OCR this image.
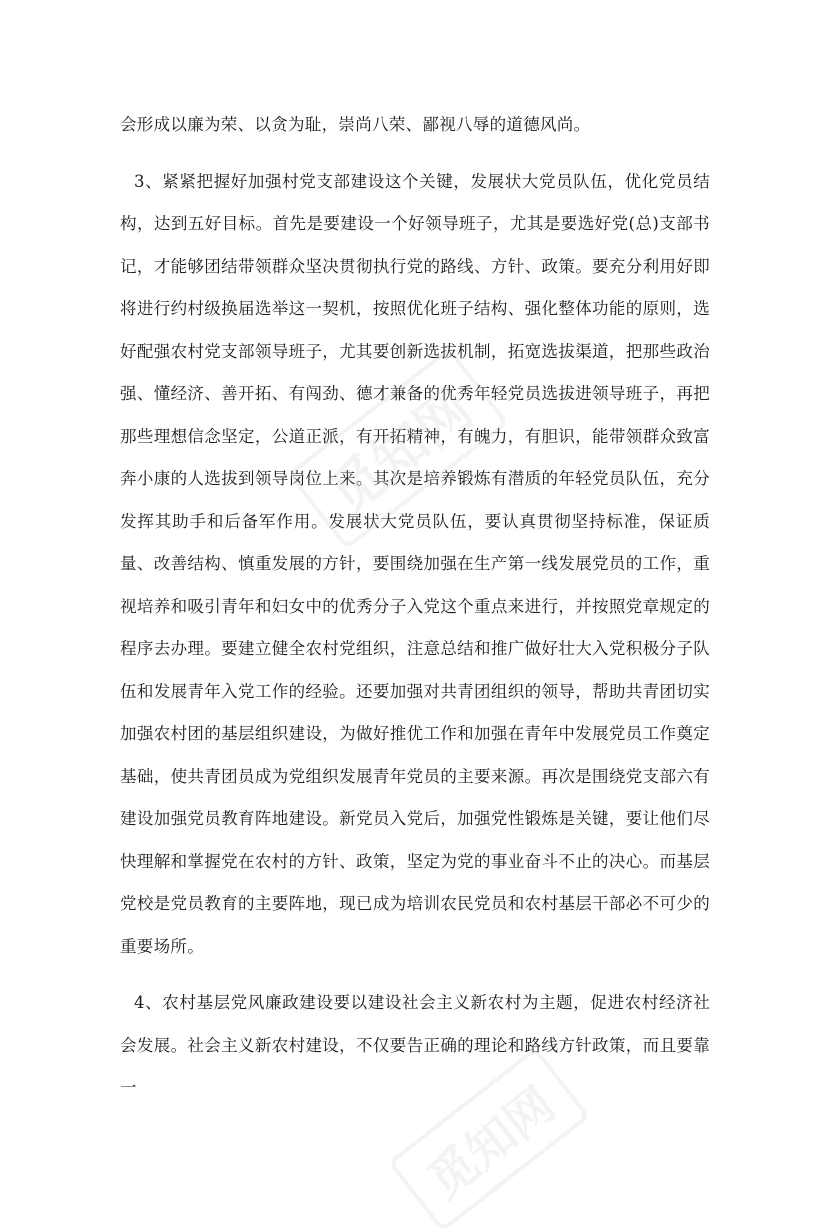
会形成以廉为荣、以贪为耻，崇尚八荣、鄙视八辱的道德风尚。

3、紧紧把握好加强村党支部建设这个关键，发展状大党员队伍，优化党员结构，达到五好目标。首先是要建设一个好领导班子，尤其是要选好党(总)支部书记，才能够团结带领群众坚决贯彻执行党的路线、方针、政策。要充分利用好即将进行约村级换届选举这一契机，按照优化班子结构、强化整体功能的原则，选好配强农村党支部领导班子，尤其要创新选拔机制，拓宽选拔渠道，把那些政治强、懂经济、善开拓、有闯劲、德才兼备的优秀年轻党员选拔进领导班子，再把那些理想信念坚定，公道正派，有开拓精神，有魄力，有胆识，能带领群众致富奔小康的人选拔到领导岗位上来。其次是培养锻炼有潜质的年轻党员队伍，充分发挥其助手和后备军作用。发展状大党员队伍，要认真贯彻坚持标准，保证质量、改善结构、慎重发展的方针，要围绕加强在生产第一线发展党员的工作，重视培养和吸引青年和妇女中的优秀分子入党这个重点来进行，并按照党章规定的程序去办理。要建立健全农村党组织，注意总结和推广做好壮大入党积极分子队伍和发展青年入党工作的经验。还要加强对共青团组织的领导，帮助共青团切实加强农村团的基层组织建设，为做好推优工作和加强在青年中发展党员工作奠定基础，使共青团员成为党组织发展青年党员的主要来源。再次是围绕党支部六有建设加强党员教育阵地建设。新党员入党后，加强党性锻炼是关键，要让他们尽快理解和掌握党在农村的方针、政策，坚定为党的事业奋斗不止的决心。而基层党校是党员教育的主要阵地，现已成为培训农民党员和农村基层干部必不可少的重要场所。

4、农村基层党风廉政建设要以建设社会主义新农村为主题，促进农村经济社会发展。社会主义新农村建设，不仅要告正确的理论和路线方针政策，而且要靠一

觅知网
觅知网
